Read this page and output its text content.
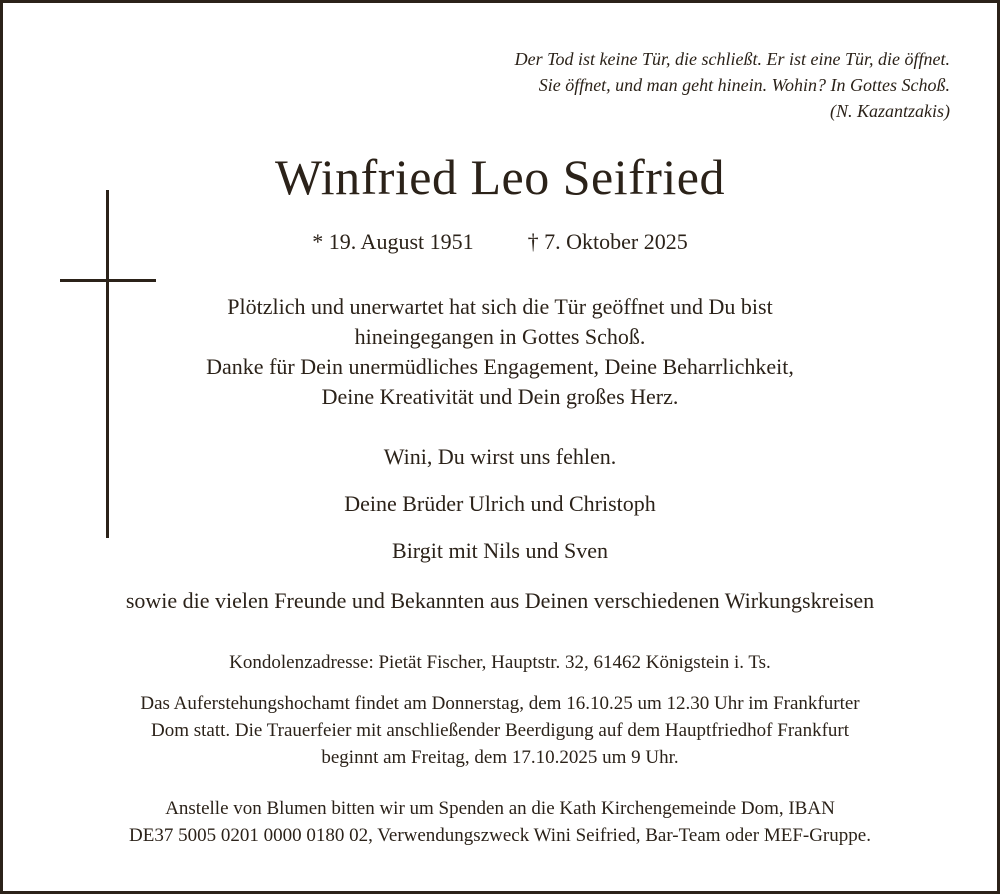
Der Tod ist keine Tür, die schließt. Er ist eine Tür, die öffnet.
Sie öffnet, und man geht hinein. Wohin? In Gottes Schoß.
(N. Kazantzakis)
Winfried Leo Seifried
* 19. August 1951 † 7. Oktober 2025
Plötzlich und unerwartet hat sich die Tür geöffnet und Du bist
hineingegangen in Gottes Schoß.
Danke für Dein unermüdliches Engagement, Deine Beharrlichkeit,
Deine Kreativität und Dein großes Herz.
Wini, Du wirst uns fehlen.
Deine Brüder Ulrich und Christoph
Birgit mit Nils und Sven
sowie die vielen Freunde und Bekannten aus Deinen verschiedenen Wirkungskreisen
Kondolenzadresse: Pietät Fischer, Hauptstr. 32, 61462 Königstein i. Ts.
Das Auferstehungshochamt findet am Donnerstag, dem 16.10.25 um 12.30 Uhr im Frankfurter
Dom statt. Die Trauerfeier mit anschließender Beerdigung auf dem Hauptfriedhof Frankfurt
beginnt am Freitag, dem 17.10.2025 um 9 Uhr.
Anstelle von Blumen bitten wir um Spenden an die Kath Kirchengemeinde Dom, IBAN
DE37 5005 0201 0000 0180 02, Verwendungszweck Wini Seifried, Bar-Team oder MEF-Gruppe.
